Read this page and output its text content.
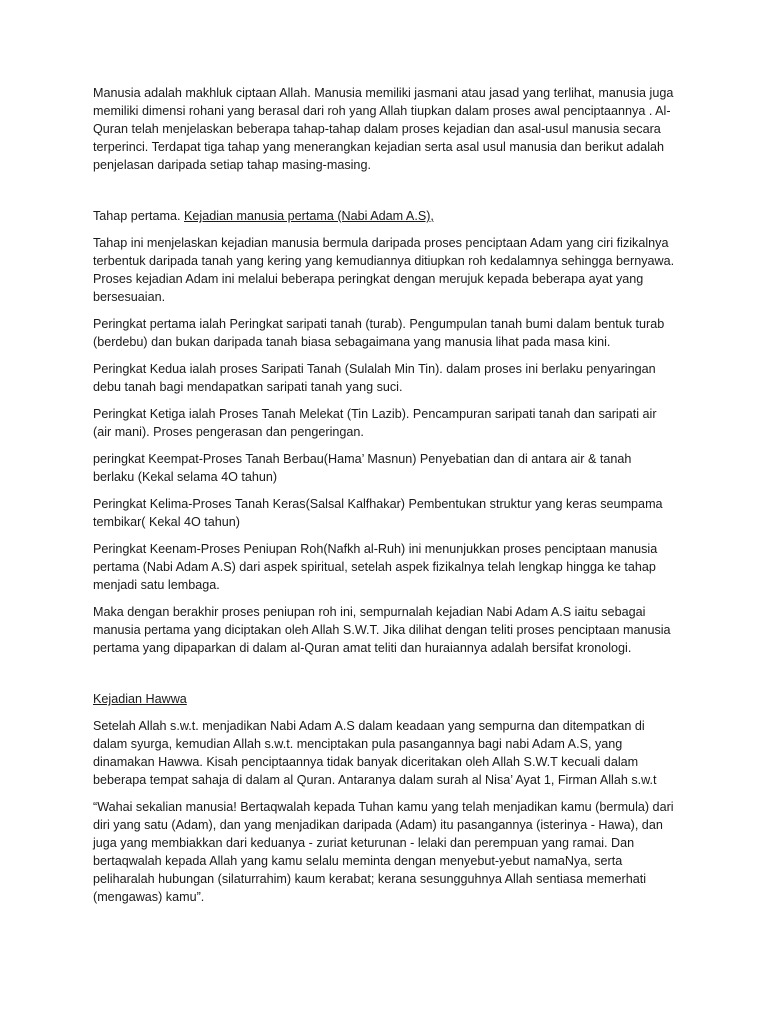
Manusia adalah makhluk ciptaan Allah. Manusia memiliki jasmani atau jasad yang terlihat, manusia juga memiliki dimensi rohani yang berasal dari roh yang Allah tiupkan dalam proses awal penciptaannya . Al-Quran telah menjelaskan beberapa tahap-tahap dalam proses kejadian dan asal-usul manusia secara terperinci. Terdapat tiga tahap yang menerangkan kejadian serta asal usul manusia dan berikut adalah penjelasan daripada setiap tahap masing-masing.

Tahap pertama. Kejadian manusia pertama (Nabi Adam A.S),

Tahap ini menjelaskan kejadian manusia bermula daripada proses penciptaan Adam yang ciri fizikalnya terbentuk daripada tanah yang kering yang kemudiannya ditiupkan roh kedalamnya sehingga bernyawa. Proses kejadian Adam ini melalui beberapa peringkat dengan merujuk kepada beberapa ayat yang bersesuaian.

Peringkat pertama ialah Peringkat saripati tanah (turab). Pengumpulan tanah bumi dalam bentuk turab (berdebu) dan bukan daripada tanah biasa sebagaimana yang manusia lihat pada masa kini.

Peringkat Kedua ialah proses Saripati Tanah (Sulalah Min Tin). dalam proses ini berlaku penyaringan debu tanah bagi mendapatkan saripati tanah yang suci.

Peringkat Ketiga ialah Proses Tanah Melekat (Tin Lazib). Pencampuran saripati tanah dan saripati air (air mani). Proses pengerasan dan pengeringan.

peringkat Keempat-Proses Tanah Berbau(Hama’ Masnun) Penyebatian dan di antara air & tanah berlaku (Kekal selama 4O tahun)

Peringkat Kelima-Proses Tanah Keras(Salsal Kalfhakar) Pembentukan struktur yang keras seumpama tembikar( Kekal 4O tahun)

Peringkat Keenam-Proses Peniupan Roh(Nafkh al-Ruh) ini menunjukkan proses penciptaan manusia pertama (Nabi Adam A.S) dari aspek spiritual, setelah aspek fizikalnya telah lengkap hingga ke tahap menjadi satu lembaga.

Maka dengan berakhir proses peniupan roh ini, sempurnalah kejadian Nabi Adam A.S iaitu sebagai manusia pertama yang diciptakan oleh Allah S.W.T. Jika dilihat dengan teliti proses penciptaan manusia pertama yang dipaparkan di dalam al-Quran amat teliti dan huraiannya adalah bersifat kronologi.

Kejadian Hawwa

Setelah Allah s.w.t. menjadikan Nabi Adam A.S dalam keadaan yang sempurna dan ditempatkan di dalam syurga, kemudian Allah s.w.t. menciptakan pula pasangannya bagi nabi Adam A.S, yang dinamakan Hawwa. Kisah penciptaannya tidak banyak diceritakan oleh Allah S.W.T kecuali dalam beberapa tempat sahaja di dalam al Quran. Antaranya dalam surah al Nisa’ Ayat 1, Firman Allah s.w.t

“Wahai sekalian manusia! Bertaqwalah kepada Tuhan kamu yang telah menjadikan kamu (bermula) dari diri yang satu (Adam), dan yang menjadikan daripada (Adam) itu pasangannya (isterinya - Hawa), dan juga yang membiakkan dari keduanya - zuriat keturunan - lelaki dan perempuan yang ramai. Dan bertaqwalah kepada Allah yang kamu selalu meminta dengan menyebut-yebut namaNya, serta peliharalah hubungan (silaturrahim) kaum kerabat; kerana sesungguhnya Allah sentiasa memerhati (mengawas) kamu”.
